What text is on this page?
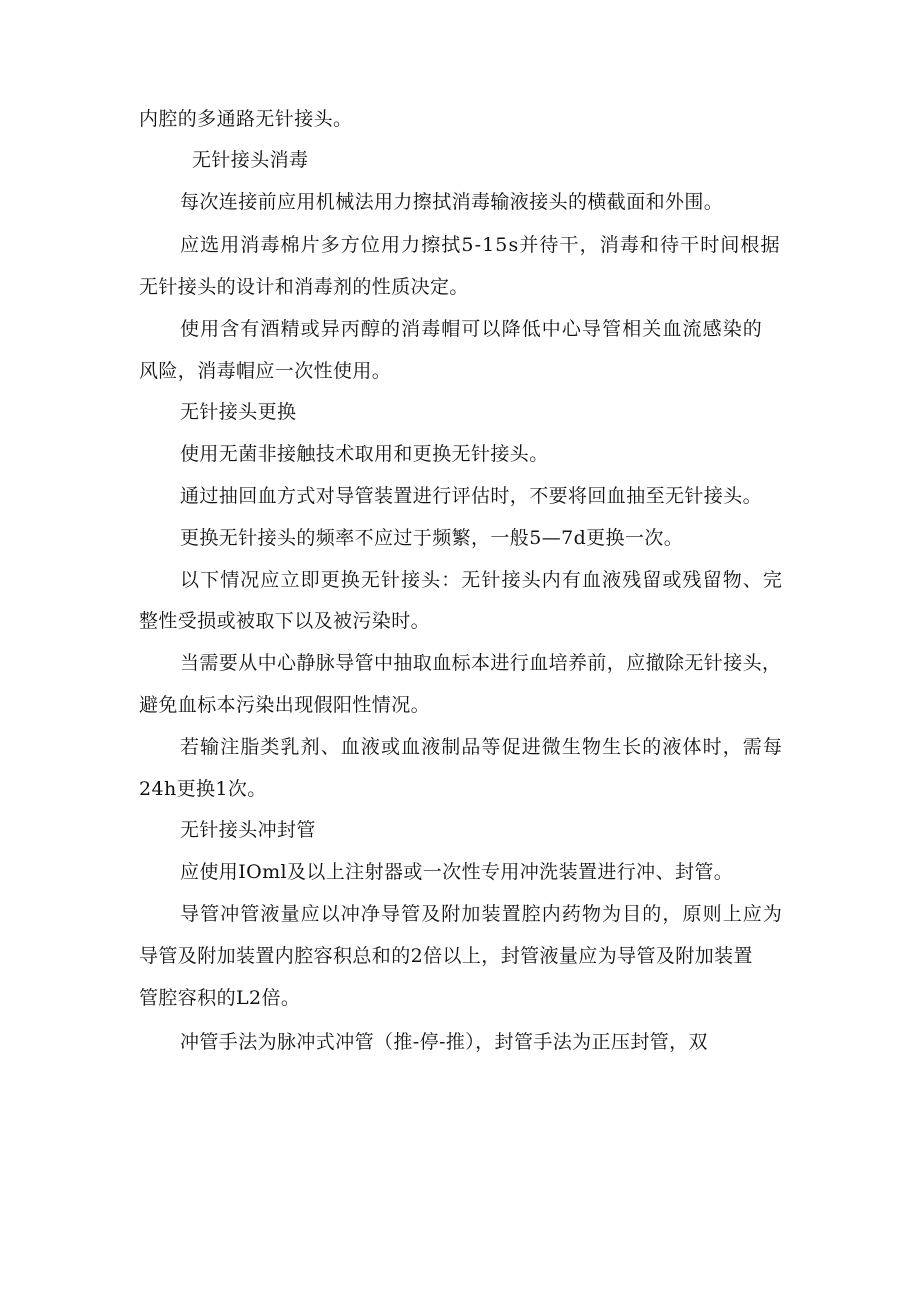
内腔的多通路无针接头。
无针接头消毒
每次连接前应用机械法用力擦拭消毒输液接头的横截面和外围。
应选用消毒棉片多方位用力擦拭5-15s并待干，消毒和待干时间根据
无针接头的设计和消毒剂的性质决定。
使用含有酒精或异丙醇的消毒帽可以降低中心导管相关血流感染的
风险，消毒帽应一次性使用。
无针接头更换
使用无菌非接触技术取用和更换无针接头。
通过抽回血方式对导管装置进行评估时，不要将回血抽至无针接头。
更换无针接头的频率不应过于频繁，一般5—7d更换一次。
以下情况应立即更换无针接头：无针接头内有血液残留或残留物、完
整性受损或被取下以及被污染时。
当需要从中心静脉导管中抽取血标本进行血培养前，应撤除无针接头，
避免血标本污染出现假阳性情况。
若输注脂类乳剂、血液或血液制品等促进微生物生长的液体时，需每
24h更换1次。
无针接头冲封管
应使用IOml及以上注射器或一次性专用冲洗装置进行冲、封管。
导管冲管液量应以冲净导管及附加装置腔内药物为目的，原则上应为
导管及附加装置内腔容积总和的2倍以上，封管液量应为导管及附加装置
管腔容积的L2倍。
冲管手法为脉冲式冲管（推-停-推），封管手法为正压封管，双
